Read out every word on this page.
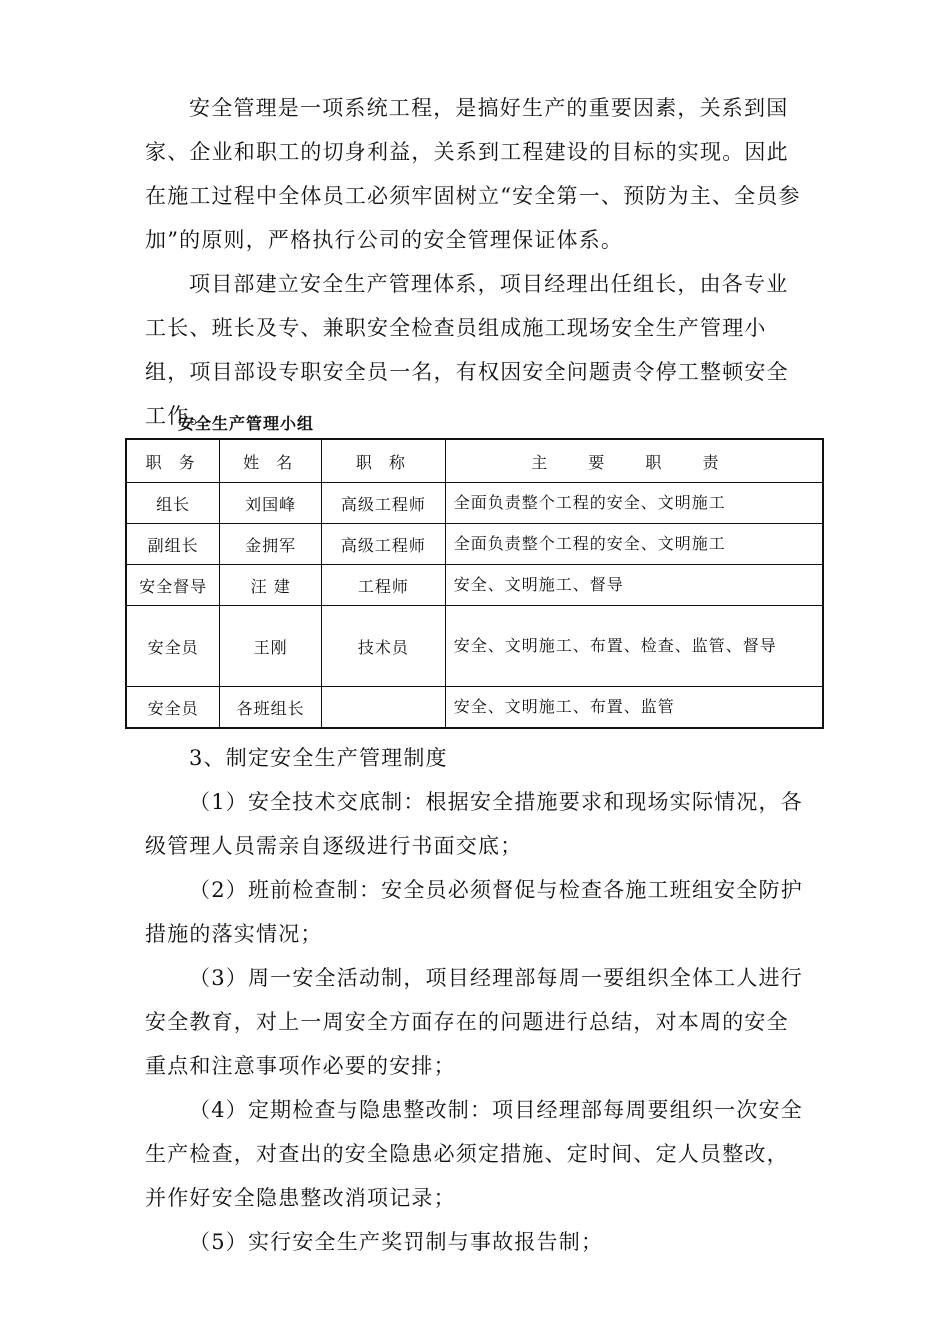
安全管理是一项系统工程，是搞好生产的重要因素，关系到国家、企业和职工的切身利益，关系到工程建设的目标的实现。因此在施工过程中全体员工必须牢固树立“安全第一、预防为主、全员参加”的原则，严格执行公司的安全管理保证体系。

项目部建立安全生产管理体系，项目经理出任组长，由各专业工长、班长及专、兼职安全检查员组成施工现场安全生产管理小组，项目部设专职安全员一名，有权因安全问题责令停工整顿安全工作。

安全生产管理小组
职 务	姓 名	职 称	主 要 职 责
组长	刘国峰	高级工程师	全面负责整个工程的安全、文明施工
副组长	金拥军	高级工程师	全面负责整个工程的安全、文明施工
安全督导	汪 建	工程师	安全、文明施工、督导
安全员	王刚	技术员	安全、文明施工、布置、检查、监管、督导
安全员	各班组长		安全、文明施工、布置、监管

3、制定安全生产管理制度

（1）安全技术交底制：根据安全措施要求和现场实际情况，各级管理人员需亲自逐级进行书面交底；

（2）班前检查制：安全员必须督促与检查各施工班组安全防护措施的落实情况；

（3）周一安全活动制，项目经理部每周一要组织全体工人进行安全教育，对上一周安全方面存在的问题进行总结，对本周的安全重点和注意事项作必要的安排；

（4）定期检查与隐患整改制：项目经理部每周要组织一次安全生产检查，对查出的安全隐患必须定措施、定时间、定人员整改，并作好安全隐患整改消项记录；

（5）实行安全生产奖罚制与事故报告制；
